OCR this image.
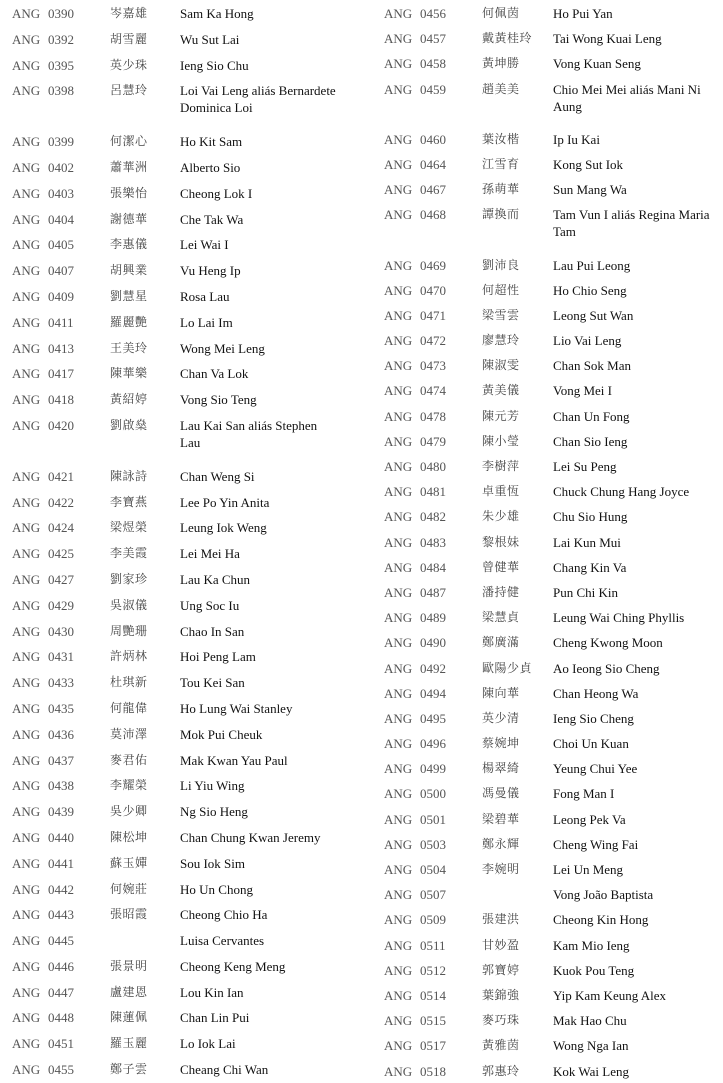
ANG 0390	岑嘉雄 Sam Ka Hong
ANG 0392	胡雪麗 Wu Sut Lai
ANG 0395	英少珠 Ieng Sio Chu
ANG 0398	呂慧玲 Loi Vai Leng aliás Bernardete Dominica Loi
ANG 0399	何潔心 Ho Kit Sam
ANG 0402	蕭華洲 Alberto Sio
ANG 0403	張樂怡 Cheong Lok I
ANG 0404	謝德華 Che Tak Wa
ANG 0405	李惠儀 Lei Wai I
ANG 0407	胡興業 Vu Heng Ip
ANG 0409	劉慧星 Rosa Lau
ANG 0411	羅麗艷 Lo Lai Im
ANG 0413	王美玲 Wong Mei Leng
ANG 0417	陳華樂 Chan Va Lok
ANG 0418	黃紹婷 Vong Sio Teng
ANG 0420	劉啟燊 Lau Kai San aliás Stephen Lau
ANG 0421	陳詠詩 Chan Weng Si
ANG 0422	李寶燕 Lee Po Yin Anita
ANG 0424	梁煜榮 Leung Iok Weng
ANG 0425	李美霞 Lei Mei Ha
ANG 0427	劉家珍 Lau Ka Chun
ANG 0429	吳淑儀 Ung Soc Iu
ANG 0430	周艷珊 Chao In San
ANG 0431	許炳林 Hoi Peng Lam
ANG 0433	杜琪新 Tou Kei San
ANG 0435	何龍偉 Ho Lung Wai Stanley
ANG 0436	莫沛澤 Mok Pui Cheuk
ANG 0437	麥君佑 Mak Kwan Yau Paul
ANG 0438	李耀榮 Li Yiu Wing
ANG 0439	吳少卿 Ng Sio Heng
ANG 0440	陳松坤 Chan Chung Kwan Jeremy
ANG 0441	蘇玉嬋 Sou Iok Sim
ANG 0442	何婉莊 Ho Un Chong
ANG 0443	張昭霞 Cheong Chio Ha
ANG 0445	Luisa Cervantes
ANG 0446	張景明 Cheong Keng Meng
ANG 0447	盧建恩 Lou Kin Ian
ANG 0448	陳蓮佩 Chan Lin Pui
ANG 0451	羅玉麗 Lo Iok Lai
ANG 0455	鄭子雲 Cheang Chi Wan
ANG 0456	何佩茵	Ho Pui Yan
ANG 0457	戴黃桂玲 Tai Wong Kuai Leng
ANG 0458	黃坤勝	Vong Kuan Seng
ANG 0459	趙美美	Chio Mei Mei aliás Mani Ni Aung
ANG 0460	葉汝楷	Ip Iu Kai
ANG 0464	江雪育	Kong Sut Iok
ANG 0467	孫萌華	Sun Mang Wa
ANG 0468	譚換而	Tam Vun I aliás Regina Maria Tam
ANG 0469	劉沛良	Lau Pui Leong
ANG 0470	何超性	Ho Chio Seng
ANG 0471	梁雪雲	Leong Sut Wan
ANG 0472	廖慧玲	Lio Vai Leng
ANG 0473	陳淑雯	Chan Sok Man
ANG 0474	黃美儀	Vong Mei I
ANG 0478	陳元芳	Chan Un Fong
ANG 0479	陳小瑩	Chan Sio Ieng
ANG 0480	李樹萍	Lei Su Peng
ANG 0481	卓重恆	Chuck Chung Hang Joyce
ANG 0482	朱少雄	Chu Sio Hung
ANG 0483	黎根妹	Lai Kun Mui
ANG 0484	曾健華	Chang Kin Va
ANG 0487	潘持健	Pun Chi Kin
ANG 0489	梁慧貞	Leung Wai Ching Phyllis
ANG 0490	鄭廣滿	Cheng Kwong Moon
ANG 0492	歐陽少貞 Ao Ieong Sio Cheng
ANG 0494	陳向華	Chan Heong Wa
ANG 0495	英少清	Ieng Sio Cheng
ANG 0496	蔡婉坤	Choi Un Kuan
ANG 0499	楊翠綺	Yeung Chui Yee
ANG 0500	馮曼儀	Fong Man I
ANG 0501	梁碧華	Leong Pek Va
ANG 0503	鄭永輝	Cheng Wing Fai
ANG 0504	李婉明	Lei Un Meng
ANG 0507	Vong João Baptista
ANG 0509	張建洪	Cheong Kin Hong
ANG 0511	甘妙盈	Kam Mio Ieng
ANG 0512	郭寶婷	Kuok Pou Teng
ANG 0514	葉錦強	Yip Kam Keung Alex
ANG 0515	麥巧珠	Mak Hao Chu
ANG 0517	黃雅茵	Wong Nga Ian
ANG 0518	郭惠玲	Kok Wai Leng
